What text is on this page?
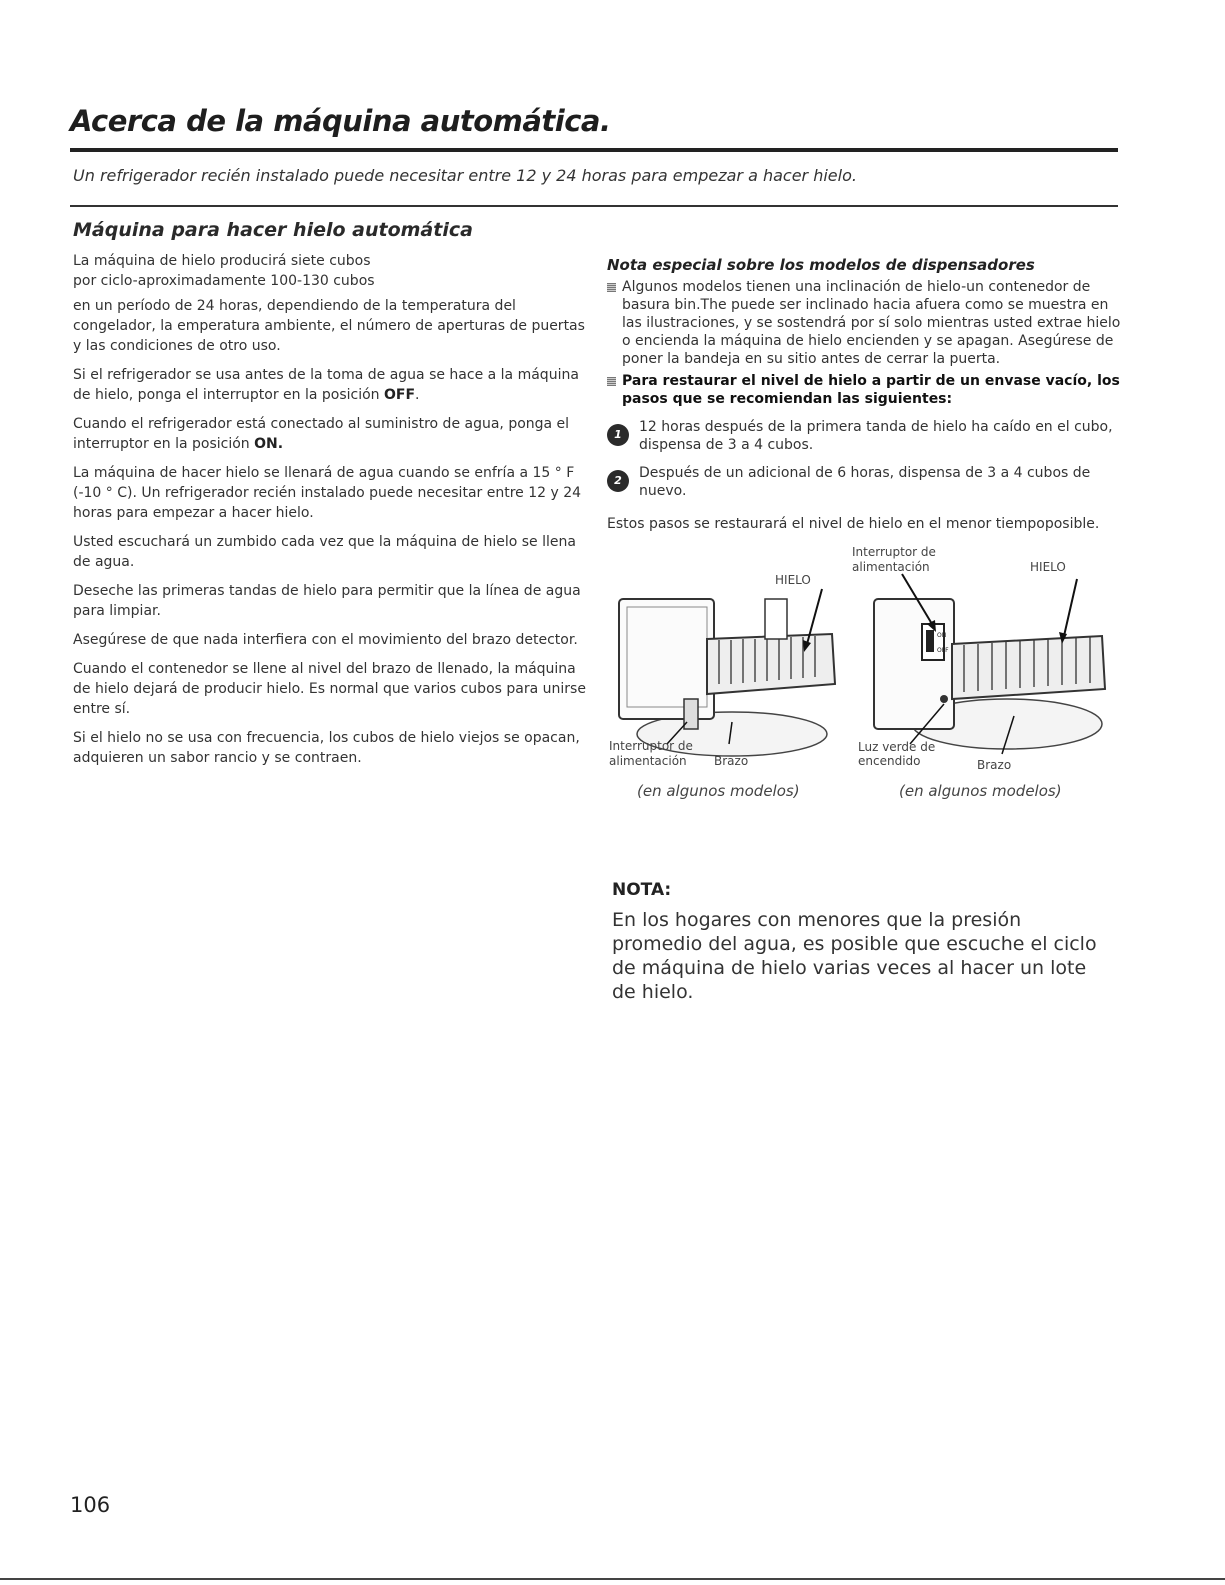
Acerca de la máquina automática.

Un refrigerador recién instalado puede necesitar entre 12 y 24 horas para empezar a hacer hielo.

Máquina para hacer hielo automática

La máquina de hielo producirá siete cubos
por ciclo-aproximadamente 100-130 cubos

en un período de 24 horas, dependiendo de la temperatura del congelador, la emperatura ambiente, el número de aperturas de puertas y las condiciones de otro uso.

Si el refrigerador se usa antes de la toma de agua se hace a la máquina de hielo, ponga el interruptor en la posición OFF.

Cuando el refrigerador está conectado al suministro de agua, ponga el interruptor en la posición ON.

La máquina de hacer hielo se llenará de agua cuando se enfría a 15 ° F (-10 ° C). Un refrigerador recién instalado puede necesitar entre 12 y 24 horas para empezar a hacer hielo.

Usted escuchará un zumbido cada vez que la máquina de hielo se llena de agua.

Deseche las primeras tandas de hielo para permitir que la línea de agua para limpiar.

Asegúrese de que nada interfiera con el movimiento del brazo detector.

Cuando el contenedor se llene al nivel del brazo de llenado, la máquina de hielo dejará de producir hielo. Es normal que varios cubos para unirse entre sí.

Si el hielo no se usa con frecuencia, los cubos de hielo viejos se opacan, adquieren un sabor rancio y se contraen.

Nota especial sobre los modelos de dispensadores
Algunos modelos tienen una inclinación de hielo-un contenedor de basura bin.The puede ser inclinado hacia afuera como se muestra en las ilustraciones, y se sostendrá por sí solo mientras usted extrae hielo o encienda la máquina de hielo encienden y se apagan. Asegúrese de poner la bandeja en su sitio antes de cerrar la puerta.
Para restaurar el nivel de hielo a partir de un envase vacío, los pasos que se recomiendan las siguientes:
1	12 horas después de la primera tanda de hielo ha caído en el cubo, dispensa de 3 a 4 cubos.
2	Después de un adicional de 6 horas, dispensa de 3 a 4 cubos de nuevo.

Estos pasos se restaurará el nivel de hielo en el menor tiempoposible.

HIELO
Interruptor de
alimentación Brazo
(en algunos modelos)
ON
OFF
Interruptor de
alimentación	HIELO
Luz verde de
encendido	Brazo
(en algunos modelos)
NOTA:

En los hogares con menores que la presión promedio del agua, es posible que escuche el ciclo de máquina de hielo varias veces al hacer un lote de hielo.

106
